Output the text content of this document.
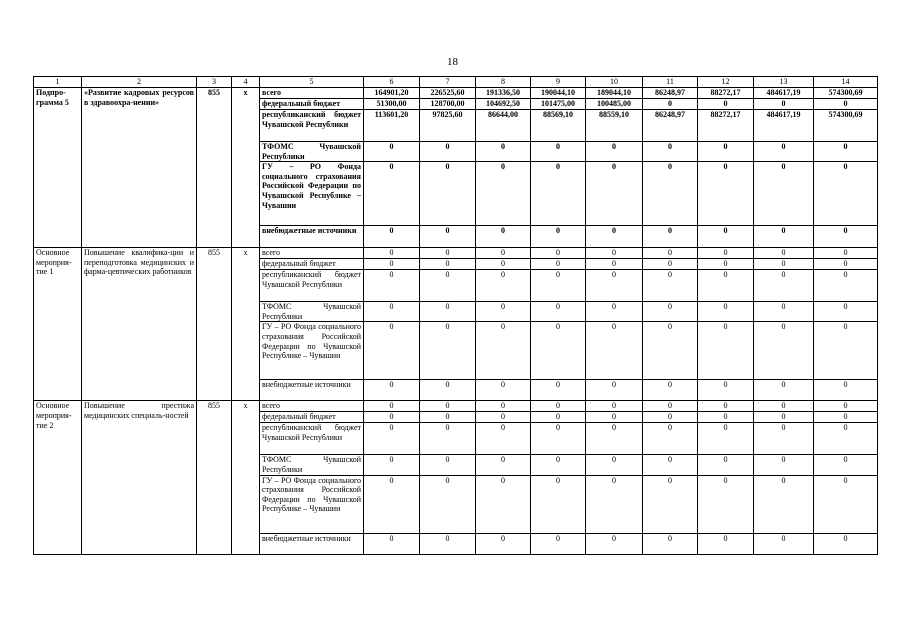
18
1	2	3	4	5	6	7	8	9	10	11	12	13	14
Подпро-грамма 5	«Развитие кадровых ресурсов в здравоохра-нении»	855	х	всего	164901,20	226525,60	191336,50	190044,10	189044,10	86248,97	88272,17	484617,19	574300,69
				федеральный бюджет	51300,00	128700,00	104692,50	101475,00	100485,00	0	0	0	0
				республиканский бюджет Чувашской Республики	113601,20	97825,60	86644,00	88569,10	88559,10	86248,97	88272,17	484617,19	574300,69
				ТФОМС Чувашской Республики	0	0	0	0	0	0	0	0	0
				ГУ – РО Фонда социального страхования Российской Федерации по Чувашской Республике – Чувашии	0	0	0	0	0	0	0	0	0
				внебюджетные источники	0	0	0	0	0	0	0	0	0
Основное мероприя-тие 1	Повышение квалифика-ции и переподготовка медицинских и фарма-цевтических работников	855	х	всего	0	0	0	0	0	0	0	0	0
				федеральный бюджет	0	0	0	0	0	0	0	0	0
				республиканский бюджет Чувашской Республики	0	0	0	0	0	0	0	0	0
				ТФОМС Чувашской Республики	0	0	0	0	0	0	0	0	0
				ГУ – РО Фонда социального страхования Российской Федерации по Чувашской Республике – Чувашии	0	0	0	0	0	0	0	0	0
				внебюджетные источники	0	0	0	0	0	0	0	0	0
Основное мероприя-тие 2	Повышение престижа медицинских специаль-ностей	855	х	всего	0	0	0	0	0	0	0	0	0
				федеральный бюджет	0	0	0	0	0	0	0	0	0
				республиканский бюджет Чувашской Республики	0	0	0	0	0	0	0	0	0
				ТФОМС Чувашской Республики	0	0	0	0	0	0	0	0	0
				ГУ – РО Фонда социального страхования Российской Федерации по Чувашской Республике – Чувашии	0	0	0	0	0	0	0	0	0
				внебюджетные источники	0	0	0	0	0	0	0	0	0
